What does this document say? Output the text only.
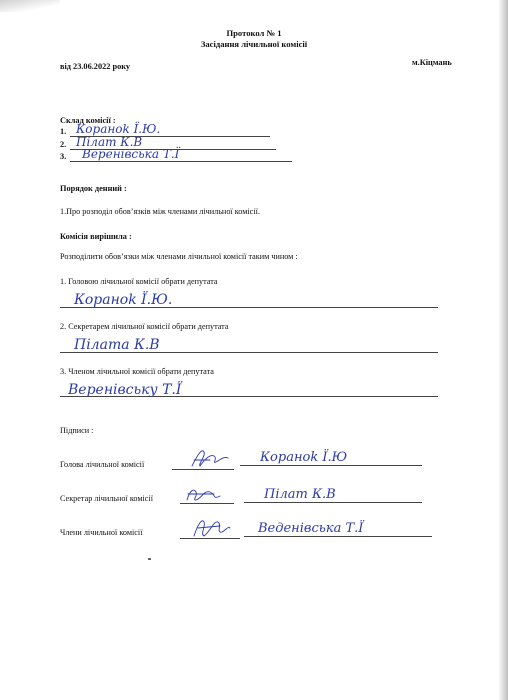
Протокол № 1
Засідання лічильної комісії
від 23.06.2022 року	м.Кіцмань
Склад комісії :
1. Кораноk Ї.Ю.
2. Пілат К.В
3. Веренівська Т.Ї
Порядок денний :
1.Про розподіл обов’язків між членами лічильної комісії.
Комісія вирішила :
Розподілити обов’язки між членами лічильної комісії таким чином :
1. Головою лічильної комісії обрати депутата
Кораноk Ї.Ю.
2. Секретарем лічильної комісії обрати депутата
Пілата К.В
3. Членом лічильної комісії обрати депутата
Веренівську Т.Ї
Підписи :
Голова лічильної комісії	Кораноk Ї.Ю
Секретар лічильної комісії	Пілат К.В
Члени лічильної комісії	Веденівська Т.Ї
